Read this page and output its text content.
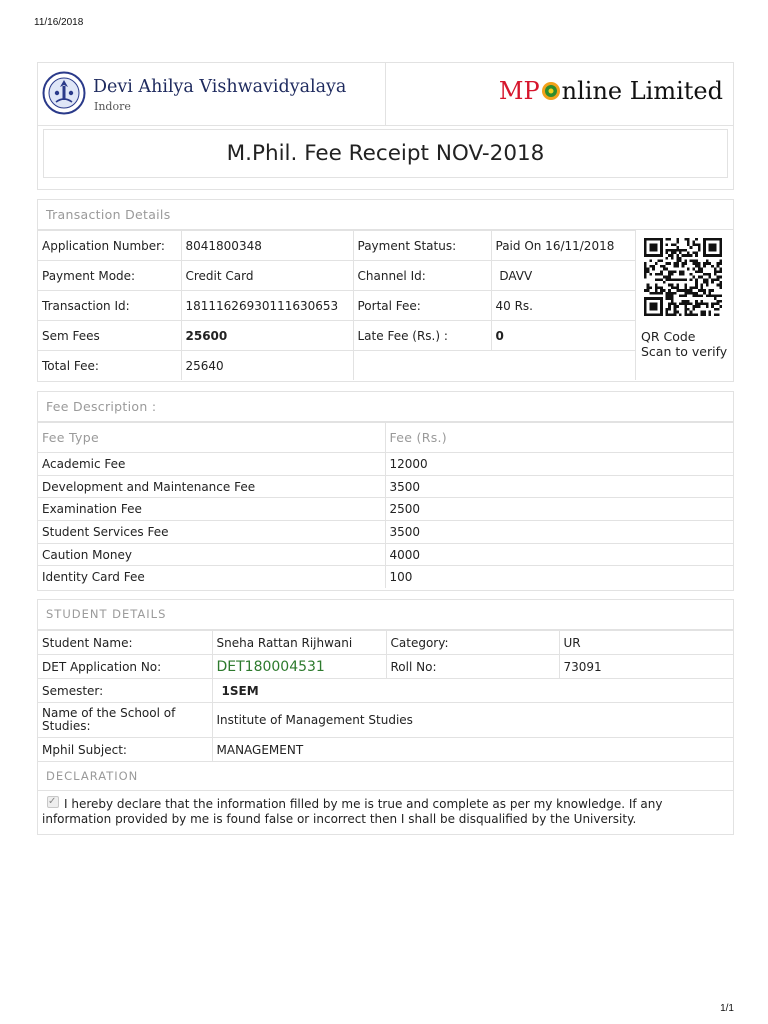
11/16/2018
Devi Ahilya Vishwavidyalaya
Indore
MP nline Limited
M.Phil. Fee Receipt NOV-2018
Transaction Details
Application Number:	8041800348	Payment Status:	Paid On 16/11/2018
Payment Mode:	Credit Card	Channel Id:	DAVV
Transaction Id:	18111626930111630653	Portal Fee:	40 Rs.
Sem Fees	25600	Late Fee (Rs.) :	0
Total Fee:	25640		
QR Code Scan to verify
Fee Description :
Fee Type	Fee (Rs.)
Academic Fee	12000
Development and Maintenance Fee	3500
Examination Fee	2500
Student Services Fee	3500
Caution Money	4000
Identity Card Fee	100
STUDENT DETAILS
Student Name:	Sneha Rattan Rijhwani	Category:	UR
DET Application No:	DET180004531	Roll No:	73091
Semester:	1SEM		
Name of the School of Studies:	Institute of Management Studies		
Mphil Subject:	MANAGEMENT		
DECLARATION
✓I hereby declare that the information filled by me is true and complete as per my knowledge. If any information provided by me is found false or incorrect then I shall be disqualified by the University.
1/1
